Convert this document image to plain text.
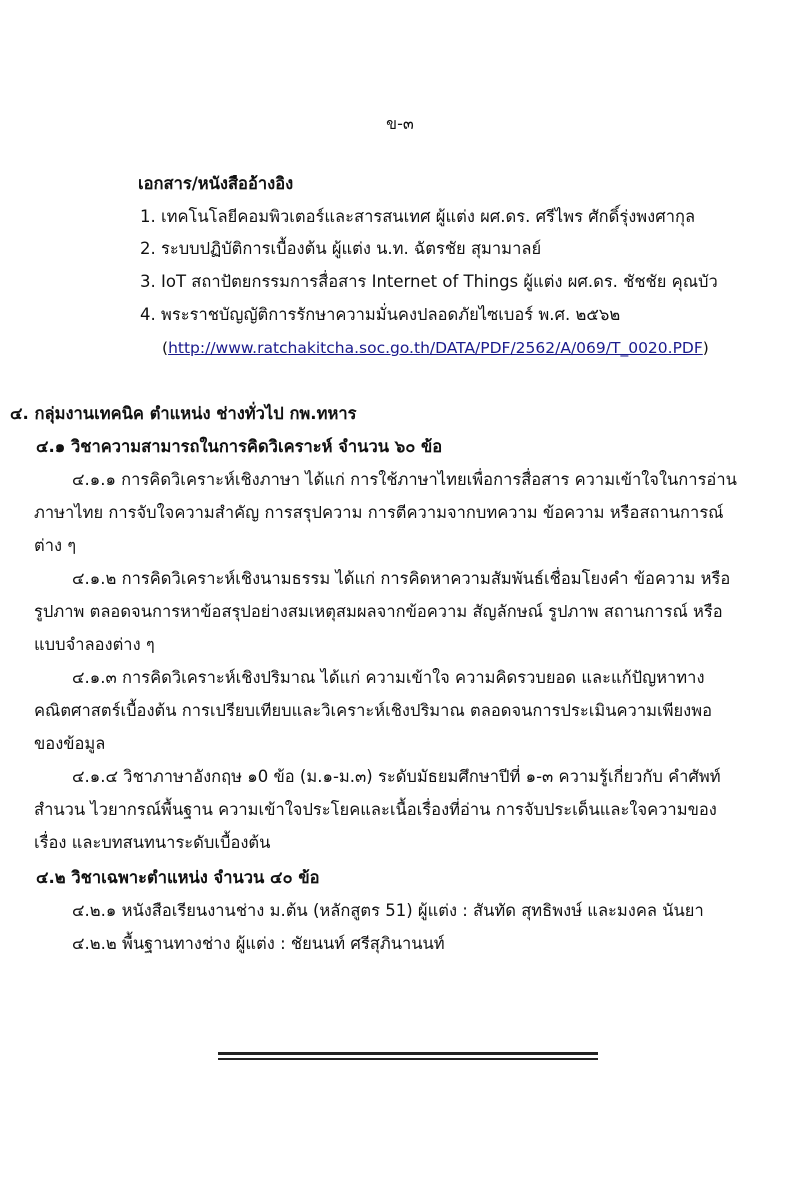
ข-๓
เอกสาร/หนังสืออ้างอิง
1. เทคโนโลยีคอมพิวเตอร์และสารสนเทศ ผู้แต่ง ผศ.ดร. ศรีไพร ศักดิ์รุ่งพงศากุล
2. ระบบปฏิบัติการเบื้องต้น ผู้แต่ง น.ท. ฉัตรชัย สุมามาลย์
3. IoT สถาปัตยกรรมการสื่อสาร Internet of Things ผู้แต่ง ผศ.ดร. ชัชชัย คุณบัว
4. พระราชบัญญัติการรักษาความมั่นคงปลอดภัยไซเบอร์ พ.ศ. ๒๕๖๒
(http://www.ratchakitcha.soc.go.th/DATA/PDF/2562/A/069/T_0020.PDF)
๔. กลุ่มงานเทคนิค ตำแหน่ง ช่างทั่วไป กพ.ทหาร
๔.๑ วิชาความสามารถในการคิดวิเคราะห์ จำนวน ๖๐ ข้อ
๔.๑.๑ การคิดวิเคราะห์เชิงภาษา ได้แก่ การใช้ภาษาไทยเพื่อการสื่อสาร ความเข้าใจในการอ่าน
ภาษาไทย การจับใจความสำคัญ การสรุปความ การตีความจากบทความ ข้อความ หรือสถานการณ์
ต่าง ๆ
๔.๑.๒ การคิดวิเคราะห์เชิงนามธรรม ได้แก่ การคิดหาความสัมพันธ์เชื่อมโยงคำ ข้อความ หรือ
รูปภาพ ตลอดจนการหาข้อสรุปอย่างสมเหตุสมผลจากข้อความ สัญลักษณ์ รูปภาพ สถานการณ์ หรือ
แบบจำลองต่าง ๆ
๔.๑.๓ การคิดวิเคราะห์เชิงปริมาณ ได้แก่ ความเข้าใจ ความคิดรวบยอด และแก้ปัญหาทาง
คณิตศาสตร์เบื้องต้น การเปรียบเทียบและวิเคราะห์เชิงปริมาณ ตลอดจนการประเมินความเพียงพอ
ของข้อมูล
๔.๑.๔ วิชาภาษาอังกฤษ ๑0 ข้อ (ม.๑-ม.๓) ระดับมัธยมศึกษาปีที่ ๑-๓ ความรู้เกี่ยวกับ คำศัพท์
สำนวน ไวยากรณ์พื้นฐาน ความเข้าใจประโยคและเนื้อเรื่องที่อ่าน การจับประเด็นและใจความของ
เรื่อง และบทสนทนาระดับเบื้องต้น
๔.๒ วิชาเฉพาะตำแหน่ง จำนวน ๔๐ ข้อ
๔.๒.๑ หนังสือเรียนงานช่าง ม.ต้น (หลักสูตร 51) ผู้แต่ง : สันทัด สุทธิพงษ์ และมงคล นันยา
๔.๒.๒ พื้นฐานทางช่าง ผู้แต่ง : ชัยนนท์ ศรีสุภินานนท์
